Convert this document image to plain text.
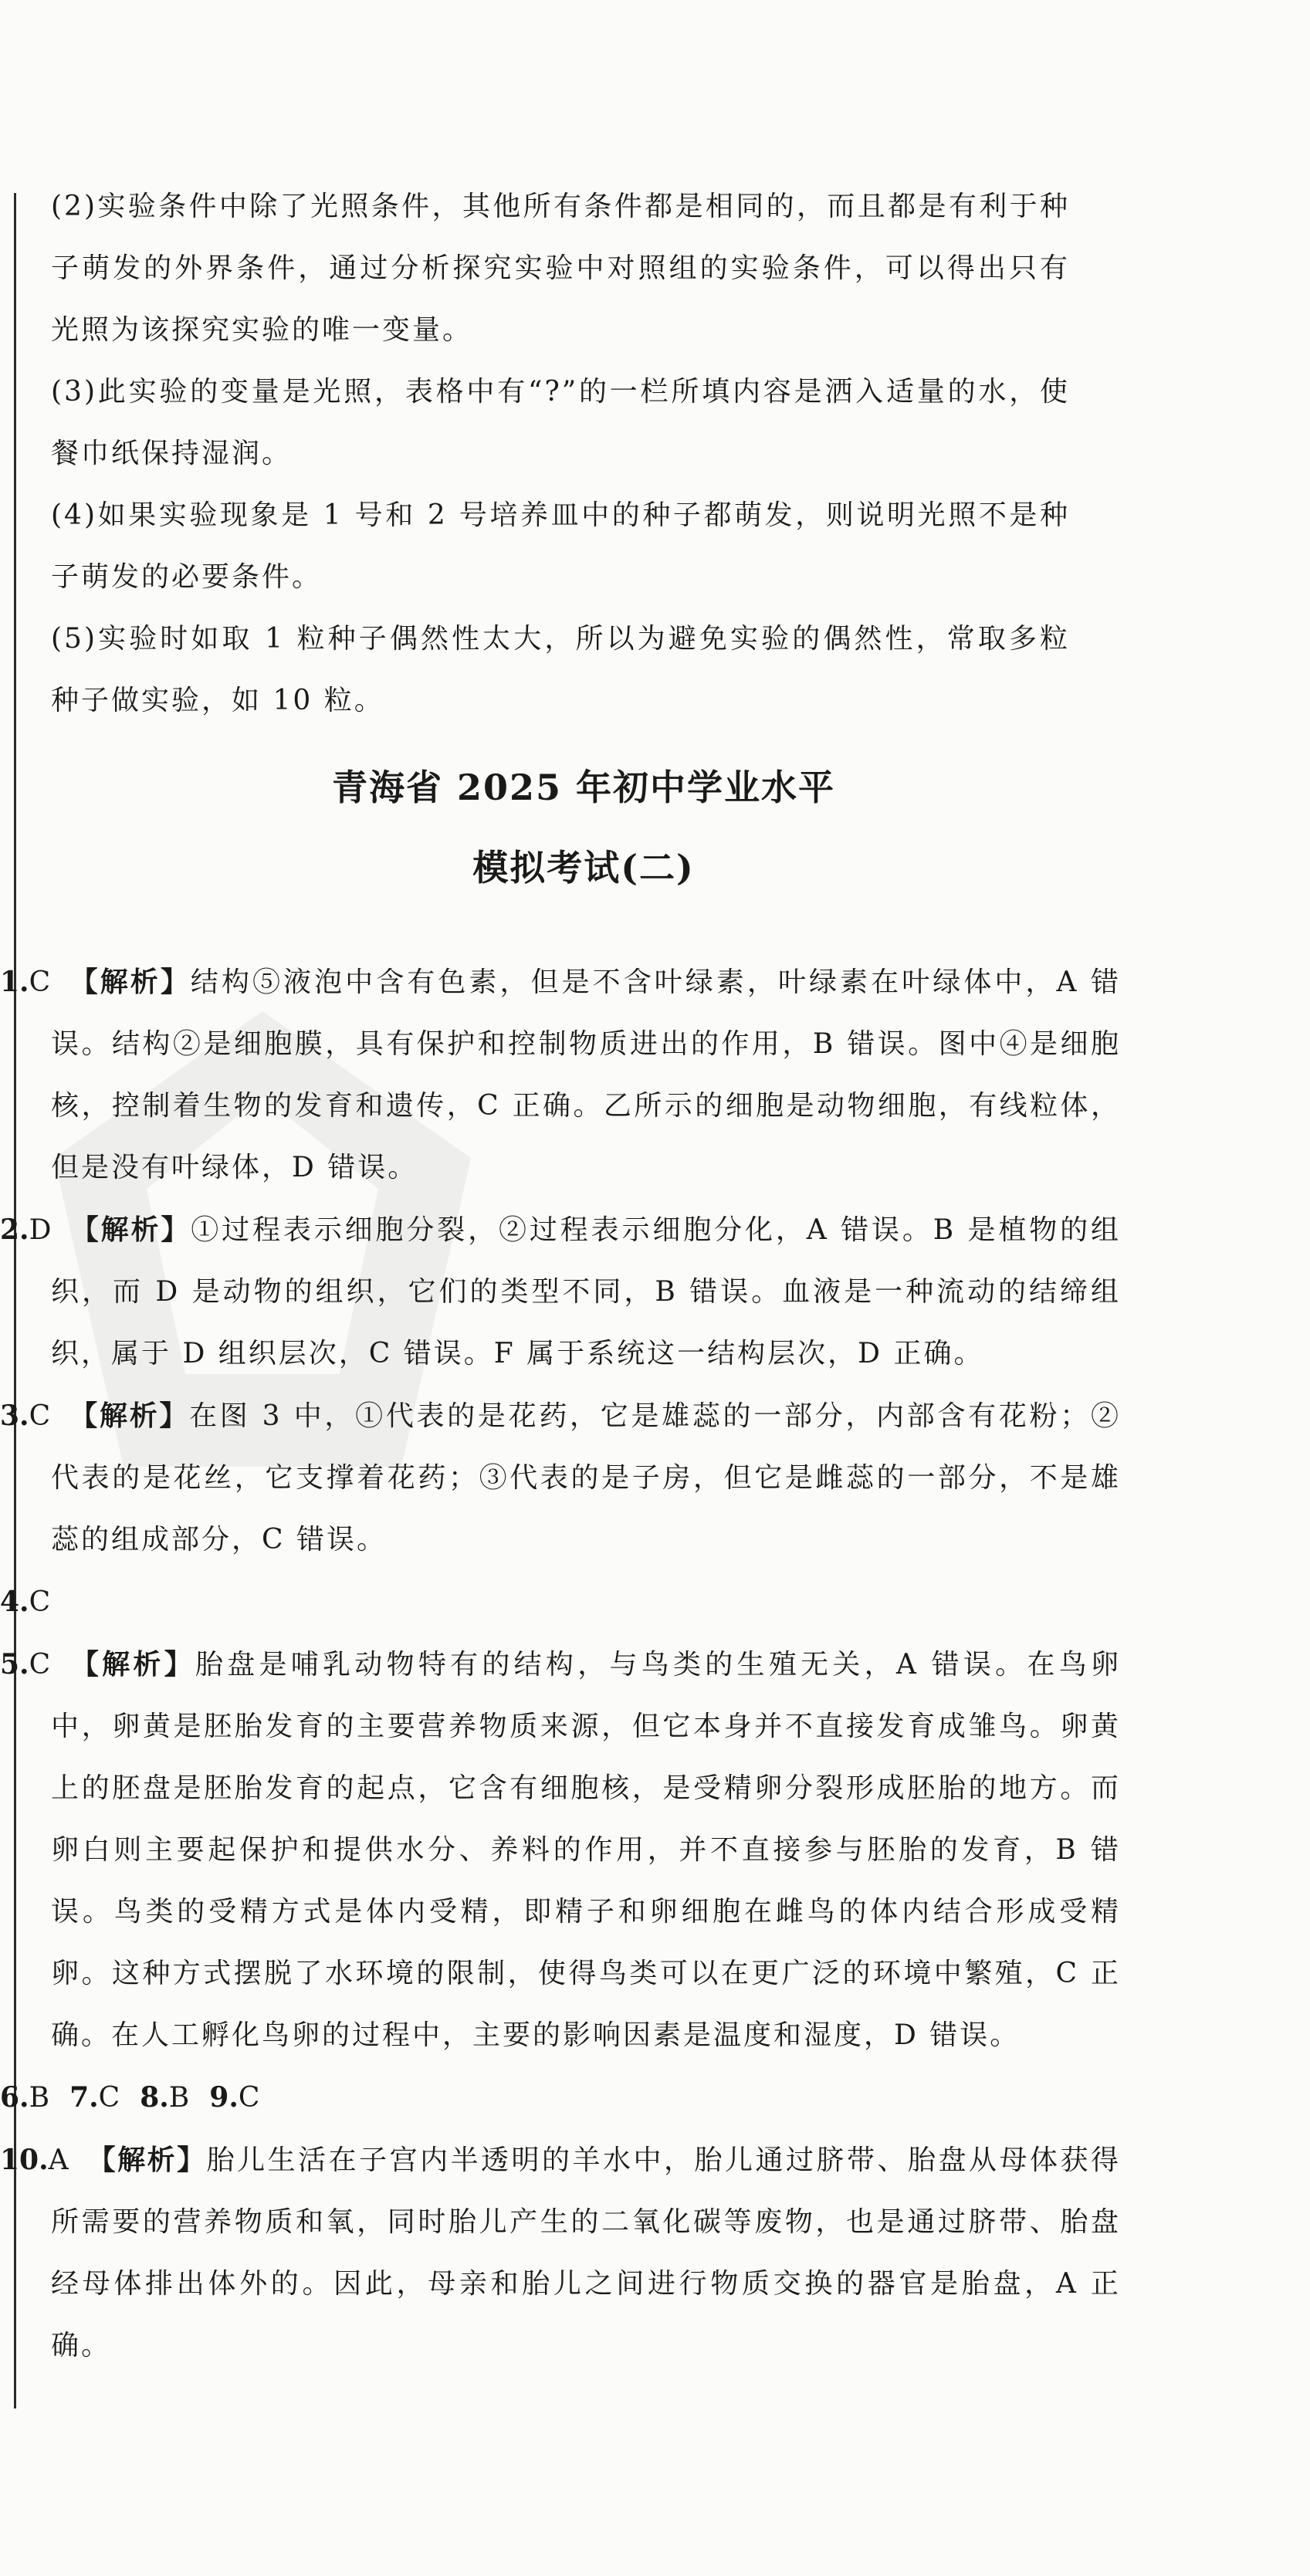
(2)实验条件中除了光照条件，其他所有条件都是相同的，而且都是有利于种子萌发的外界条件，通过分析探究实验中对照组的实验条件，可以得出只有光照为该探究实验的唯一变量。

(3)此实验的变量是光照，表格中有“?”的一栏所填内容是洒入适量的水，使餐巾纸保持湿润。

(4)如果实验现象是 1 号和 2 号培养皿中的种子都萌发，则说明光照不是种子萌发的必要条件。

(5)实验时如取 1 粒种子偶然性太大，所以为避免实验的偶然性，常取多粒种子做实验，如 10 粒。

青海省 2025 年初中学业水平
模拟考试(二)

1.C 【解析】结构⑤液泡中含有色素，但是不含叶绿素，叶绿素在叶绿体中，A 错误。结构②是细胞膜，具有保护和控制物质进出的作用，B 错误。图中④是细胞核，控制着生物的发育和遗传，C 正确。乙所示的细胞是动物细胞，有线粒体，但是没有叶绿体，D 错误。

2.D 【解析】①过程表示细胞分裂，②过程表示细胞分化，A 错误。B 是植物的组织，而 D 是动物的组织，它们的类型不同，B 错误。血液是一种流动的结缔组织，属于 D 组织层次，C 错误。F 属于系统这一结构层次，D 正确。

3.C 【解析】在图 3 中，①代表的是花药，它是雄蕊的一部分，内部含有花粉；②代表的是花丝，它支撑着花药；③代表的是子房，但它是雌蕊的一部分，不是雄蕊的组成部分，C 错误。

4.C

5.C 【解析】胎盘是哺乳动物特有的结构，与鸟类的生殖无关，A 错误。在鸟卵中，卵黄是胚胎发育的主要营养物质来源，但它本身并不直接发育成雏鸟。卵黄上的胚盘是胚胎发育的起点，它含有细胞核，是受精卵分裂形成胚胎的地方。而卵白则主要起保护和提供水分、养料的作用，并不直接参与胚胎的发育，B 错误。鸟类的受精方式是体内受精，即精子和卵细胞在雌鸟的体内结合形成受精卵。这种方式摆脱了水环境的限制，使得鸟类可以在更广泛的环境中繁殖，C 正确。在人工孵化鸟卵的过程中，主要的影响因素是温度和湿度，D 错误。

6.B 7.C 8.B 9.C

10.A 【解析】胎儿生活在子宫内半透明的羊水中，胎儿通过脐带、胎盘从母体获得所需要的营养物质和氧，同时胎儿产生的二氧化碳等废物，也是通过脐带、胎盘经母体排出体外的。因此，母亲和胎儿之间进行物质交换的器官是胎盘，A 正确。
